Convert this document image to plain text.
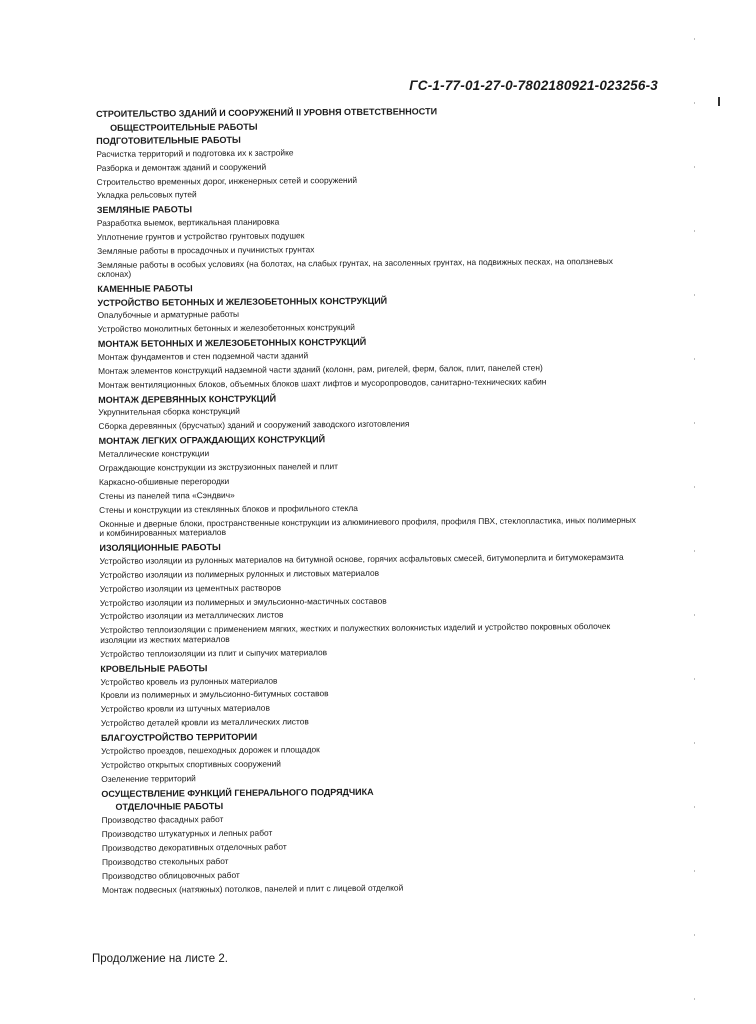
ГС-1-77-01-27-0-7802180921-023256-3
СТРОИТЕЛЬСТВО ЗДАНИЙ И СООРУЖЕНИЙ II УРОВНЯ ОТВЕТСТВЕННОСТИ
ОБЩЕСТРОИТЕЛЬНЫЕ РАБОТЫ
ПОДГОТОВИТЕЛЬНЫЕ РАБОТЫ
Расчистка территорий и подготовка их к застройке
Разборка и демонтаж зданий и сооружений
Строительство временных дорог, инженерных сетей и сооружений
Укладка рельсовых путей
ЗЕМЛЯНЫЕ РАБОТЫ
Разработка выемок, вертикальная планировка
Уплотнение грунтов и устройство грунтовых подушек
Земляные работы в просадочных и пучинистых грунтах
Земляные работы в особых условиях (на болотах, на слабых грунтах, на засоленных грунтах, на подвижных песках, на оползневых склонах)
КАМЕННЫЕ РАБОТЫ
УСТРОЙСТВО БЕТОННЫХ И ЖЕЛЕЗОБЕТОННЫХ КОНСТРУКЦИЙ
Опалубочные и арматурные работы
Устройство монолитных бетонных и железобетонных конструкций
МОНТАЖ БЕТОННЫХ И ЖЕЛЕЗОБЕТОННЫХ КОНСТРУКЦИЙ
Монтаж фундаментов и стен подземной части зданий
Монтаж элементов конструкций надземной части зданий (колонн, рам, ригелей, ферм, балок, плит, панелей стен)
Монтаж вентиляционных блоков, объемных блоков шахт лифтов и мусоропроводов, санитарно-технических кабин
МОНТАЖ ДЕРЕВЯННЫХ КОНСТРУКЦИЙ
Укрупнительная сборка конструкций
Сборка деревянных (брусчатых) зданий и сооружений заводского изготовления
МОНТАЖ ЛЕГКИХ ОГРАЖДАЮЩИХ КОНСТРУКЦИЙ
Металлические конструкции
Ограждающие конструкции из экструзионных панелей и плит
Каркасно-обшивные перегородки
Стены из панелей типа «Сэндвич»
Стены и конструкции из стеклянных блоков и профильного стекла
Оконные и дверные блоки, пространственные конструкции из алюминиевого профиля, профиля ПВХ, стеклопластика, иных полимерных и комбинированных материалов
ИЗОЛЯЦИОННЫЕ РАБОТЫ
Устройство изоляции из рулонных материалов на битумной основе, горячих асфальтовых смесей, битумоперлита и битумокерамзита
Устройство изоляции из полимерных рулонных и листовых материалов
Устройство изоляции из цементных растворов
Устройство изоляции из полимерных и эмульсионно-мастичных составов
Устройство изоляции из металлических листов
Устройство теплоизоляции с применением мягких, жестких и полужестких волокнистых изделий и устройство покровных оболочек изоляции из жестких материалов
Устройство теплоизоляции из плит и сыпучих материалов
КРОВЕЛЬНЫЕ РАБОТЫ
Устройство кровель из рулонных материалов
Кровли из полимерных и эмульсионно-битумных составов
Устройство кровли из штучных материалов
Устройство деталей кровли из металлических листов
БЛАГОУСТРОЙСТВО ТЕРРИТОРИИ
Устройство проездов, пешеходных дорожек и площадок
Устройство открытых спортивных сооружений
Озеленение территорий
ОСУЩЕСТВЛЕНИЕ ФУНКЦИЙ ГЕНЕРАЛЬНОГО ПОДРЯДЧИКА
ОТДЕЛОЧНЫЕ РАБОТЫ
Производство фасадных работ
Производство штукатурных и лепных работ
Производство декоративных отделочных работ
Производство стекольных работ
Производство облицовочных работ
Монтаж подвесных (натяжных) потолков, панелей и плит с лицевой отделкой
Продолжение на листе 2.
